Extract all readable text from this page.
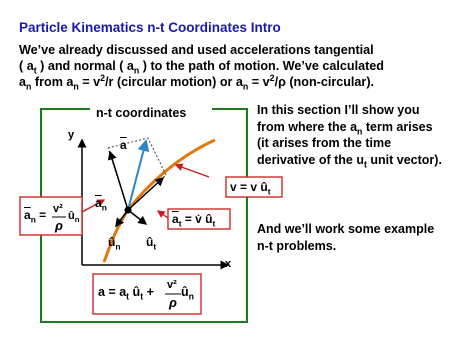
Particle Kinematics n-t Coordinates Intro
We’ve already discussed and used accelerations tangential
( $a_t$ ) and normal ( $a_n$ ) to the path of motion. We’ve calculated
$a_n$ from $a_n = v^2/r$ (circular motion) or $a_n = v^2/\rho$ (non-circular).
In this section I’ll show you from where the $a_n$ term arises (it arises from the time derivative of the $u_t$ unit vector).
And we’ll work some example n-t problems.
n-t coordinates
y
x
$\overline{a}$
$\overline{a}_n$
$û_n$ $û_t$
v = v $û_t$
$\overline{a}_t$ = v̇ $û_t$
$\overline{a}_n = v^2$
ρ
$û_n$
$a = a_t$ $û_t + v^2$
ρ
$û_n$
